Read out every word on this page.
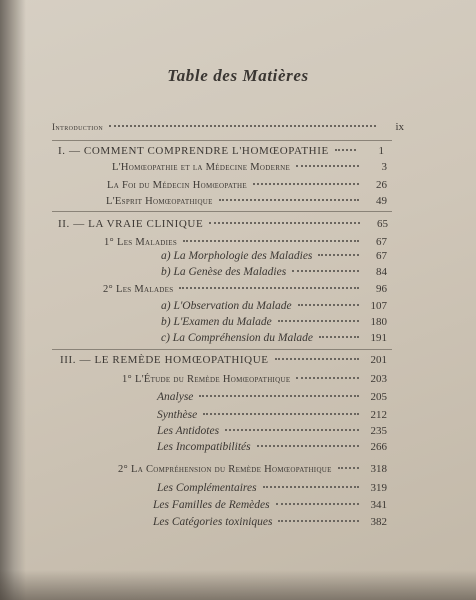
Table des Matières
Introduction	ix
I. — COMMENT COMPRENDRE L'HOMŒOPATHIE	1
L'Homœopathie et la Médecine Moderne	3
La Foi du Médecin Homœopathe	26
L'Esprit Homœopathique	49
II. — LA VRAIE CLINIQUE	65
1° Les Maladies	67
a) La Morphologie des Maladies	67
b) La Genèse des Maladies	84
2° Les Malades	96
a) L'Observation du Malade	107
b) L'Examen du Malade	180
c) La Compréhension du Malade	191
III. — LE REMÈDE HOMŒOPATHIQUE	201
1° L'Étude du Remède Homœopathique	203
Analyse	205
Synthèse	212
Les Antidotes	235
Les Incompatibilités	266
2° La Compréhension du Remède Homœopathique	318
Les Complémentaires	319
Les Familles de Remèdes	341
Les Catégories toxiniques	382
